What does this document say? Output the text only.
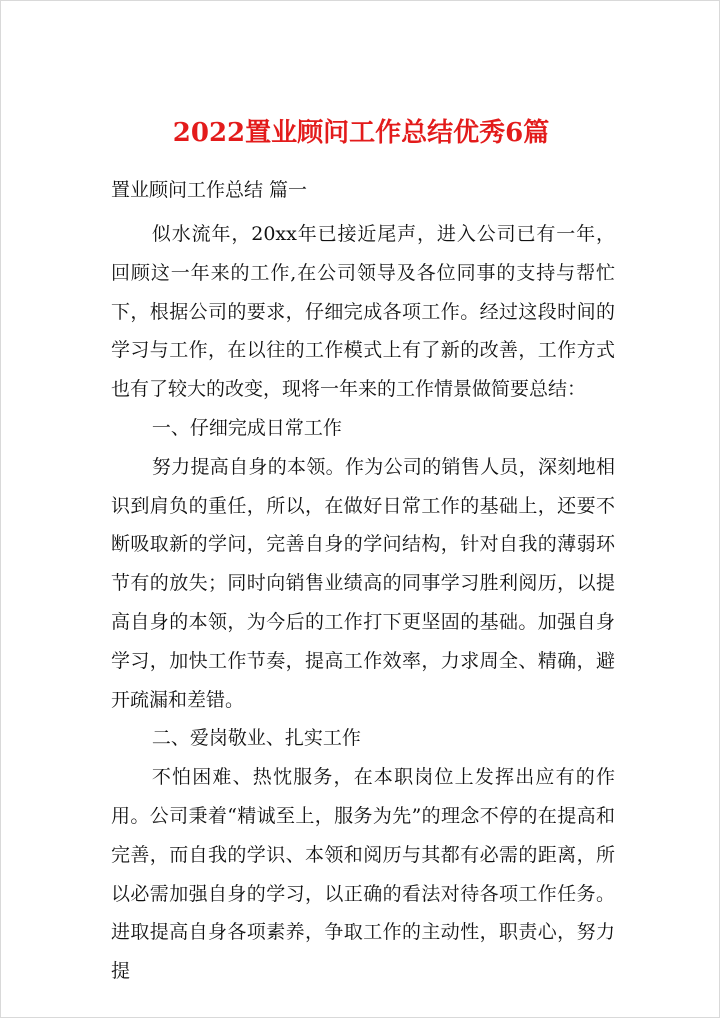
2022置业顾问工作总结优秀6篇

置业顾问工作总结 篇一

似水流年，20xx年已接近尾声，进入公司已有一年，回顾这一年来的工作,在公司领导及各位同事的支持与帮忙下，根据公司的要求，仔细完成各项工作。经过这段时间的学习与工作，在以往的工作模式上有了新的改善，工作方式也有了较大的改变，现将一年来的工作情景做简要总结：

一、仔细完成日常工作

努力提高自身的本领。作为公司的销售人员，深刻地相识到肩负的重任，所以，在做好日常工作的基础上，还要不断吸取新的学问，完善自身的学问结构，针对自我的薄弱环节有的放失；同时向销售业绩高的同事学习胜利阅历，以提高自身的本领，为今后的工作打下更坚固的基础。加强自身学习，加快工作节奏，提高工作效率，力求周全、精确，避开疏漏和差错。

二、爱岗敬业、扎实工作

不怕困难、热忱服务，在本职岗位上发挥出应有的作用。公司秉着“精诚至上，服务为先”的理念不停的在提高和完善，而自我的学识、本领和阅历与其都有必需的距离，所以必需加强自身的学习，以正确的看法对待各项工作任务。进取提高自身各项素养，争取工作的主动性，职责心，努力提
